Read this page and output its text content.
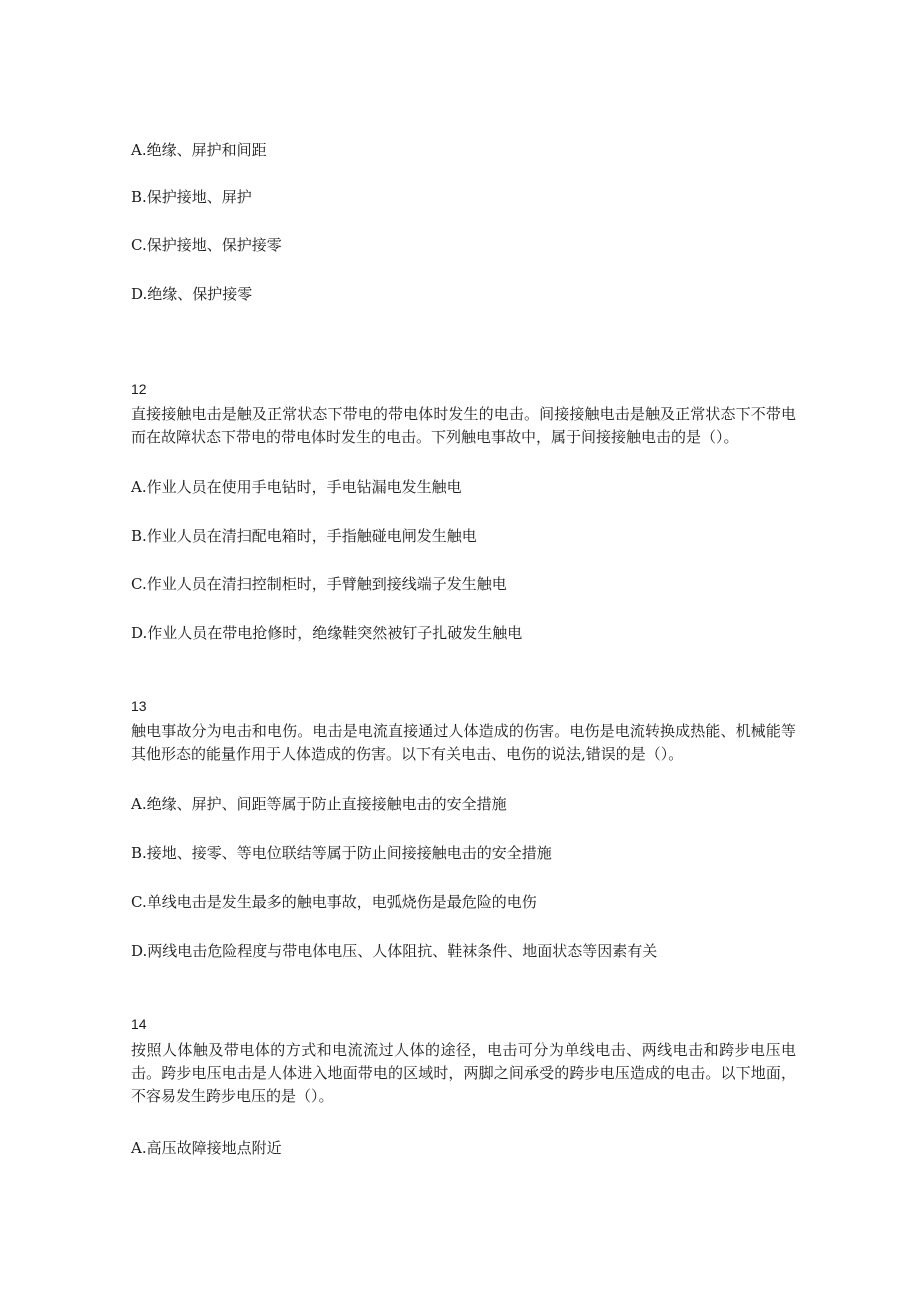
A.绝缘、屏护和间距
B.保护接地、屏护
C.保护接地、保护接零
D.绝缘、保护接零
12
直接接触电击是触及正常状态下带电的带电体时发生的电击。间接接触电击是触及正常状态下不带电而在故障状态下带电的带电体时发生的电击。下列触电事故中，属于间接接触电击的是（）。
A.作业人员在使用手电钻时，手电钻漏电发生触电
B.作业人员在清扫配电箱时，手指触碰电闸发生触电
C.作业人员在清扫控制柜时，手臂触到接线端子发生触电
D.作业人员在带电抢修时，绝缘鞋突然被钉子扎破发生触电
13
触电事故分为电击和电伤。电击是电流直接通过人体造成的伤害。电伤是电流转换成热能、机械能等其他形态的能量作用于人体造成的伤害。以下有关电击、电伤的说法,错误的是（）。
A.绝缘、屏护、间距等属于防止直接接触电击的安全措施
B.接地、接零、等电位联结等属于防止间接接触电击的安全措施
C.单线电击是发生最多的触电事故，电弧烧伤是最危险的电伤
D.两线电击危险程度与带电体电压、人体阻抗、鞋袜条件、地面状态等因素有关
14
按照人体触及带电体的方式和电流流过人体的途径，电击可分为单线电击、两线电击和跨步电压电击。跨步电压电击是人体进入地面带电的区域时，两脚之间承受的跨步电压造成的电击。以下地面，不容易发生跨步电压的是（）。
A.高压故障接地点附近
